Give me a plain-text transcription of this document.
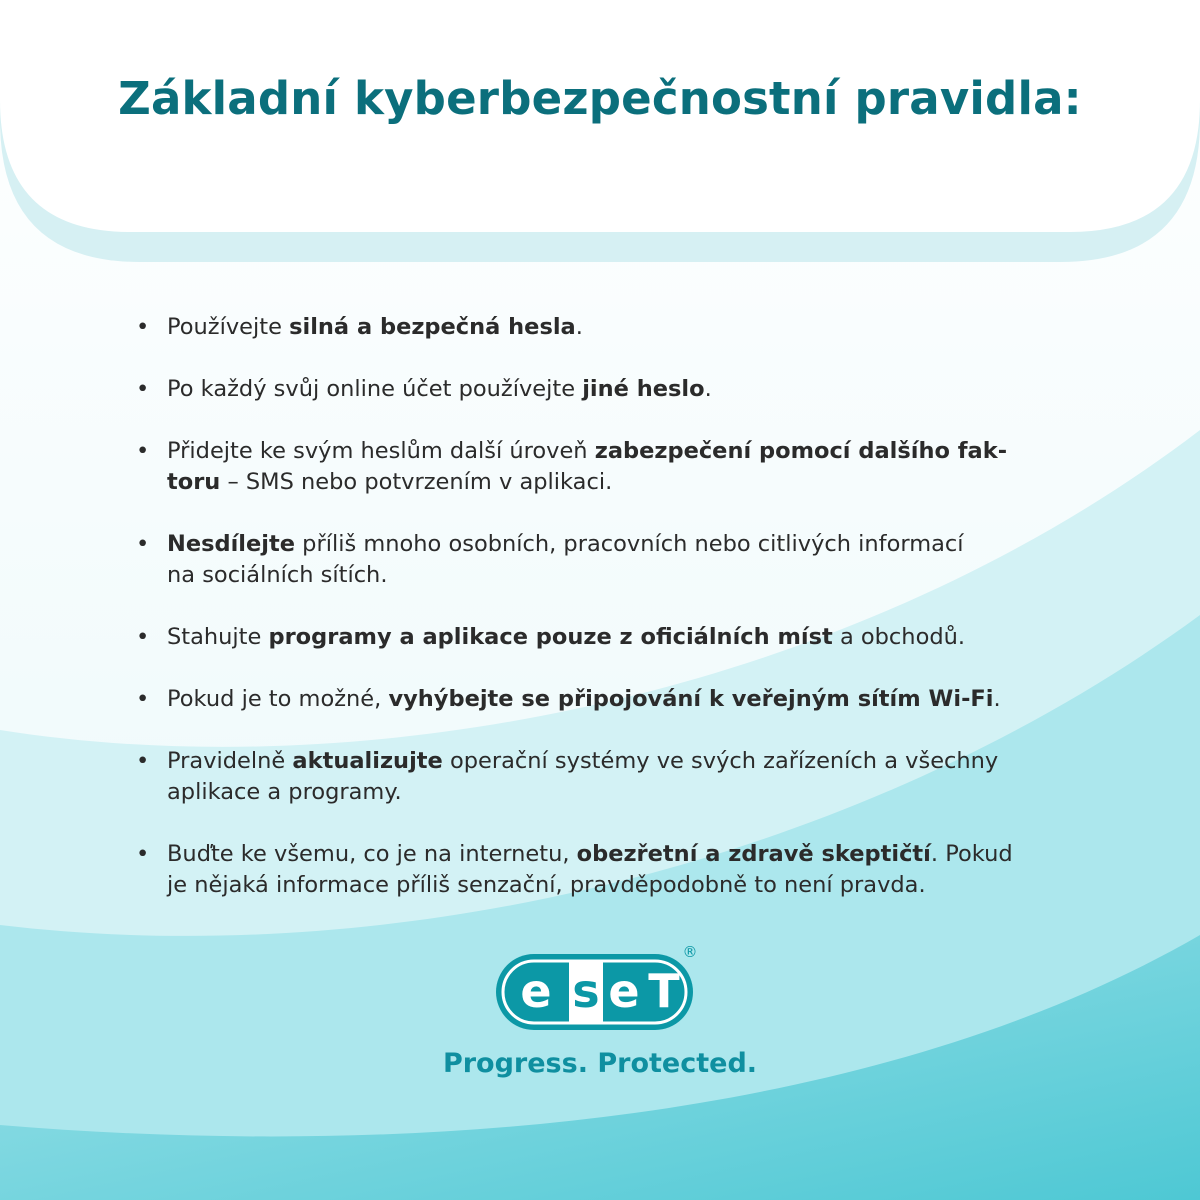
Základní kyberbezpečnostní pravidla:
• Používejte silná a bezpečná hesla.
• Po každý svůj online účet používejte jiné heslo.
• Přidejte ke svým heslům další úroveň zabezpečení pomocí dalšího fak-
toru – SMS nebo potvrzením v aplikaci.
• Nesdílejte příliš mnoho osobních, pracovních nebo citlivých informací
na sociálních sítích.
• Stahujte programy a aplikace pouze z oficiálních míst a obchodů.
• Pokud je to možné, vyhýbejte se připojování k veřejným sítím Wi-Fi.
• Pravidelně aktualizujte operační systémy ve svých zařízeních a všechny
aplikace a programy.
• Buďte ke všemu, co je na internetu, obezřetní a zdravě skeptičtí. Pokud
je nějaká informace příliš senzační, pravděpodobně to není pravda.
e s e T
®

Progress. Protected.
